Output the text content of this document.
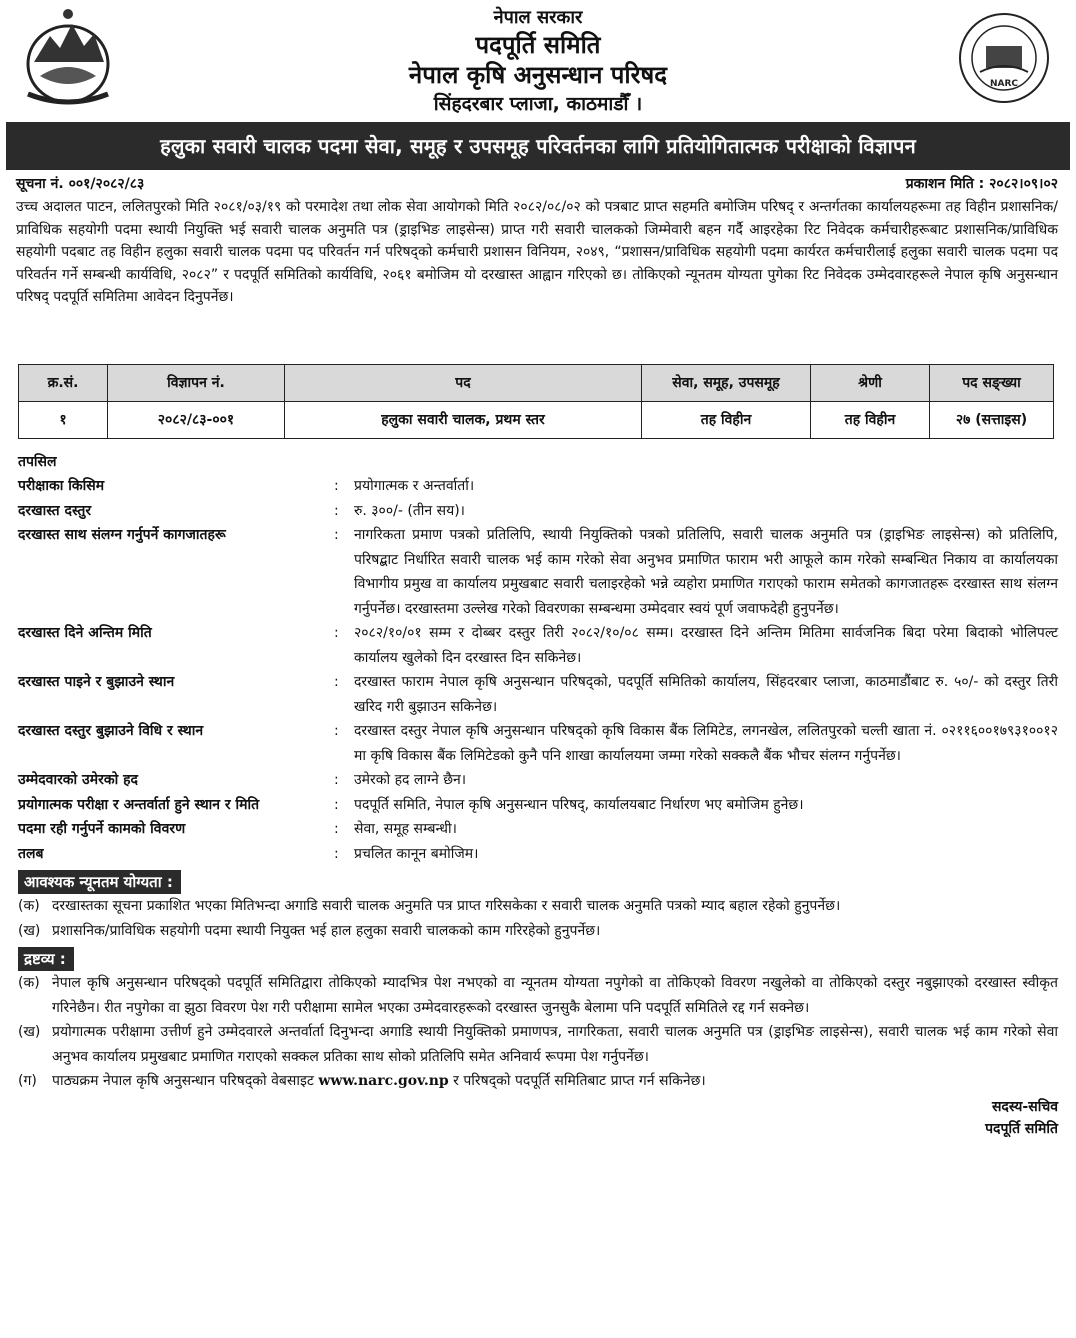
नेपाल सरकार

पदपूर्ति समिति

नेपाल कृषि अनुसन्धान परिषद

सिंहदरबार प्लाजा, काठमाडौँ ।

NARC
हलुका सवारी चालक पदमा सेवा, समूह र उपसमूह परिवर्तनका लागि प्रतियोगितात्मक परीक्षाको विज्ञापन
सूचना नं. ००१/२०८२/८३	प्रकाशन मिति : २०८२।०९।०२

उच्च अदालत पाटन, ललितपुरको मिति २०८१/०३/१९ को परमादेश तथा लोक सेवा आयोगको मिति २०८२/०८/०२ को पत्रबाट प्राप्त सहमति बमोजिम परिषद् र अन्तर्गतका कार्यालयहरूमा तह विहीन प्रशासनिक/प्राविधिक सहयोगी पदमा स्थायी नियुक्ति भई सवारी चालक अनुमति पत्र (ड्राइभिङ लाइसेन्स) प्राप्त गरी सवारी चालकको जिम्मेवारी बहन गर्दै आइरहेका रिट निवेदक कर्मचारीहरूबाट प्रशासनिक/प्राविधिक सहयोगी पदबाट तह विहीन हलुका सवारी चालक पदमा पद परिवर्तन गर्न परिषद्को कर्मचारी प्रशासन विनियम, २०४९, “प्रशासन/प्राविधिक सहयोगी पदमा कार्यरत कर्मचारीलाई हलुका सवारी चालक पदमा पद परिवर्तन गर्ने सम्बन्धी कार्यविधि, २०८२” र पदपूर्ति समितिको कार्यविधि, २०६१ बमोजिम यो दरखास्त आह्वान गरिएको छ। तोकिएको न्यूनतम योग्यता पुगेका रिट निवेदक उम्मेदवारहरूले नेपाल कृषि अनुसन्धान परिषद् पदपूर्ति समितिमा आवेदन दिनुपर्नेछ।

क्र.सं.	विज्ञापन नं.	पद	सेवा, समूह, उपसमूह	श्रेणी	पद सङ्ख्या
१	२०८२/८३-००१	हलुका सवारी चालक, प्रथम स्तर	तह विहीन	तह विहीन	२७ (सत्ताइस)
तपसिल
परीक्षाका किसिम	:	प्रयोगात्मक र अन्तर्वार्ता।
दरखास्त दस्तुर	:	रु. ३००/- (तीन सय)।
दरखास्त साथ संलग्न गर्नुपर्ने कागजातहरू	:	नागरिकता प्रमाण पत्रको प्रतिलिपि, स्थायी नियुक्तिको पत्रको प्रतिलिपि, सवारी चालक अनुमति पत्र (ड्राइभिङ लाइसेन्स) को प्रतिलिपि, परिषद्बाट निर्धारित सवारी चालक भई काम गरेको सेवा अनुभव प्रमाणित फाराम भरी आफूले काम गरेको सम्बन्धित निकाय वा कार्यालयका विभागीय प्रमुख वा कार्यालय प्रमुखबाट सवारी चलाइरहेको भन्ने व्यहोरा प्रमाणित गराएको फाराम समेतको कागजातहरू दरखास्त साथ संलग्न गर्नुपर्नेछ। दरखास्तमा उल्लेख गरेको विवरणका सम्बन्धमा उम्मेदवार स्वयं पूर्ण जवाफदेही हुनुपर्नेछ।
दरखास्त दिने अन्तिम मिति	:	२०८२/१०/०१ सम्म र दोब्बर दस्तुर तिरी २०८२/१०/०८ सम्म। दरखास्त दिने अन्तिम मितिमा सार्वजनिक बिदा परेमा बिदाको भोलिपल्ट कार्यालय खुलेको दिन दरखास्त दिन सकिनेछ।
दरखास्त पाइने र बुझाउने स्थान	:	दरखास्त फाराम नेपाल कृषि अनुसन्धान परिषद्को, पदपूर्ति समितिको कार्यालय, सिंहदरबार प्लाजा, काठमाडौंबाट रु. ५०/- को दस्तुर तिरी खरिद गरी बुझाउन सकिनेछ।
दरखास्त दस्तुर बुझाउने विधि र स्थान	:	दरखास्त दस्तुर नेपाल कृषि अनुसन्धान परिषद्को कृषि विकास बैंक लिमिटेड, लगनखेल, ललितपुरको चल्ती खाता नं. ०२११६००१७९३१००१२ मा कृषि विकास बैंक लिमिटेडको कुनै पनि शाखा कार्यालयमा जम्मा गरेको सक्कलै बैंक भौचर संलग्न गर्नुपर्नेछ।
उम्मेदवारको उमेरको हद	:	उमेरको हद लाग्ने छैन।
प्रयोगात्मक परीक्षा र अन्तर्वार्ता हुने स्थान र मिति	:	पदपूर्ति समिति, नेपाल कृषि अनुसन्धान परिषद्, कार्यालयबाट निर्धारण भए बमोजिम हुनेछ।
पदमा रही गर्नुपर्ने कामको विवरण	:	सेवा, समूह सम्बन्धी।
तलब	:	प्रचलित कानून बमोजिम।
आवश्यक न्यूनतम योग्यता :
(क) दरखास्तका सूचना प्रकाशित भएका मितिभन्दा अगाडि सवारी चालक अनुमति पत्र प्राप्त गरिसकेका र सवारी चालक अनुमति पत्रको म्याद बहाल रहेको हुनुपर्नेछ।
(ख) प्रशासनिक/प्राविधिक सहयोगी पदमा स्थायी नियुक्त भई हाल हलुका सवारी चालकको काम गरिरहेको हुनुपर्नेछ।
द्रष्टव्य :
(क) नेपाल कृषि अनुसन्धान परिषद्को पदपूर्ति समितिद्वारा तोकिएको म्यादभित्र पेश नभएको वा न्यूनतम योग्यता नपुगेको वा तोकिएको विवरण नखुलेको वा तोकिएको दस्तुर नबुझाएको दरखास्त स्वीकृत गरिनेछैन। रीत नपुगेका वा झुठा विवरण पेश गरी परीक्षामा सामेल भएका उम्मेदवारहरूको दरखास्त जुनसुकै बेलामा पनि पदपूर्ति समितिले रद्द गर्न सक्नेछ।
(ख) प्रयोगात्मक परीक्षामा उत्तीर्ण हुने उम्मेदवारले अन्तर्वार्ता दिनुभन्दा अगाडि स्थायी नियुक्तिको प्रमाणपत्र, नागरिकता, सवारी चालक अनुमति पत्र (ड्राइभिङ लाइसेन्स), सवारी चालक भई काम गरेको सेवा अनुभव कार्यालय प्रमुखबाट प्रमाणित गराएको सक्कल प्रतिका साथ सोको प्रतिलिपि समेत अनिवार्य रूपमा पेश गर्नुपर्नेछ।
(ग)	पाठ्यक्रम नेपाल कृषि अनुसन्धान परिषद्को वेबसाइट www.narc.gov.np र परिषद्को पदपूर्ति समितिबाट प्राप्त गर्न सकिनेछ।
सदस्य-सचिव
पदपूर्ति समिति
